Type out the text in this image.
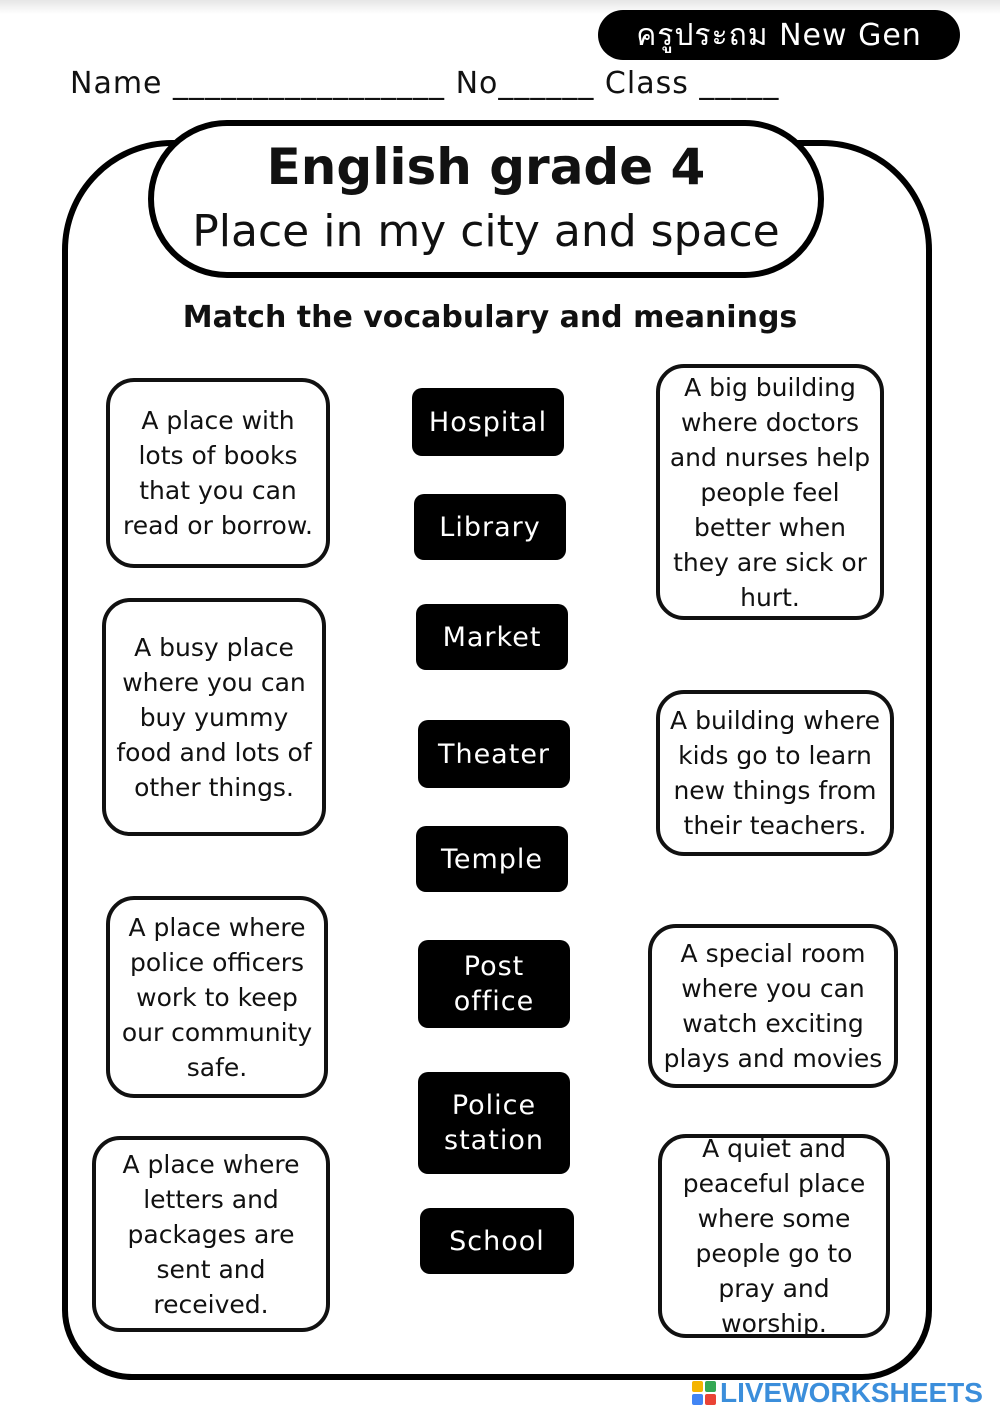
ครูประถม New Gen
Name _________________ No______ Class _____
English grade 4
Place in my city and space
Match the vocabulary and meanings
A place with lots of books that you can read or borrow.
A busy place where you can buy yummy food and lots of other things.
A place where police officers work to keep our community safe.
A place where letters and packages are sent and received.
Hospital
Library
Market
Theater
Temple
Post office
Police station
School
A big building where doctors and nurses help people feel better when they are sick or hurt.
A building where kids go to learn new things from their teachers.
A special room where you can watch exciting plays and movies
A quiet and peaceful place where some people go to pray and worship.
LIVEWORKSHEETS
